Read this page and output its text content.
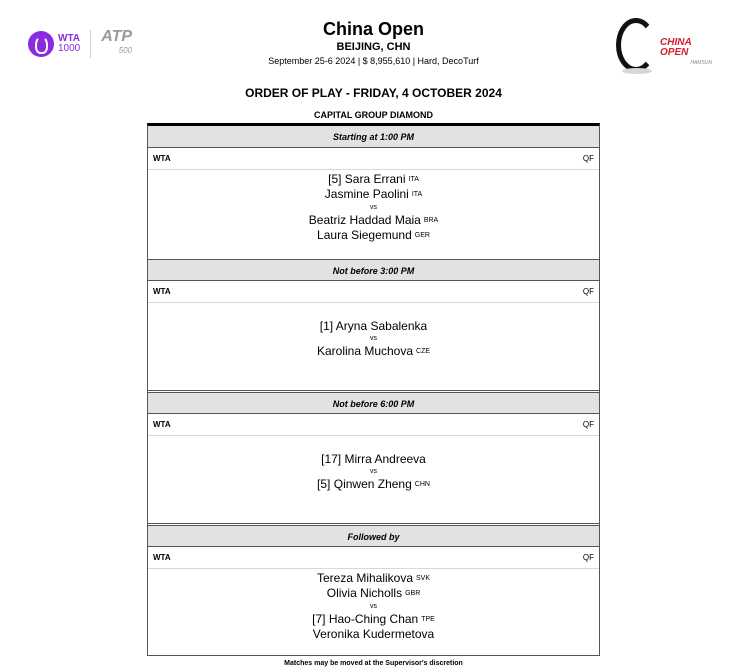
WTA
1000
ATP
500
China Open
BEIJING, CHN
September 25-6 2024 | $ 8,955,610 | Hard, DecoTurf
CHINA OPEN
HAMSUN
ORDER OF PLAY - FRIDAY, 4 OCTOBER 2024
CAPITAL GROUP DIAMOND
Starting at 1:00 PM
WTA	QF
[5] Sara Errani ITA
Jasmine Paolini ITA
vs
Beatriz Haddad Maia BRA
Laura Siegemund GER
Not before 3:00 PM
WTA	QF
[1] Aryna Sabalenka
vs
Karolina Muchova CZE
Not before 6:00 PM
WTA	QF
[17] Mirra Andreeva
vs
[5] Qinwen Zheng CHN
Followed by
WTA	QF
Tereza Mihalikova SVK
Olivia Nicholls GBR
vs
[7] Hao-Ching Chan TPE
Veronika Kudermetova
Matches may be moved at the Supervisor's discretion
